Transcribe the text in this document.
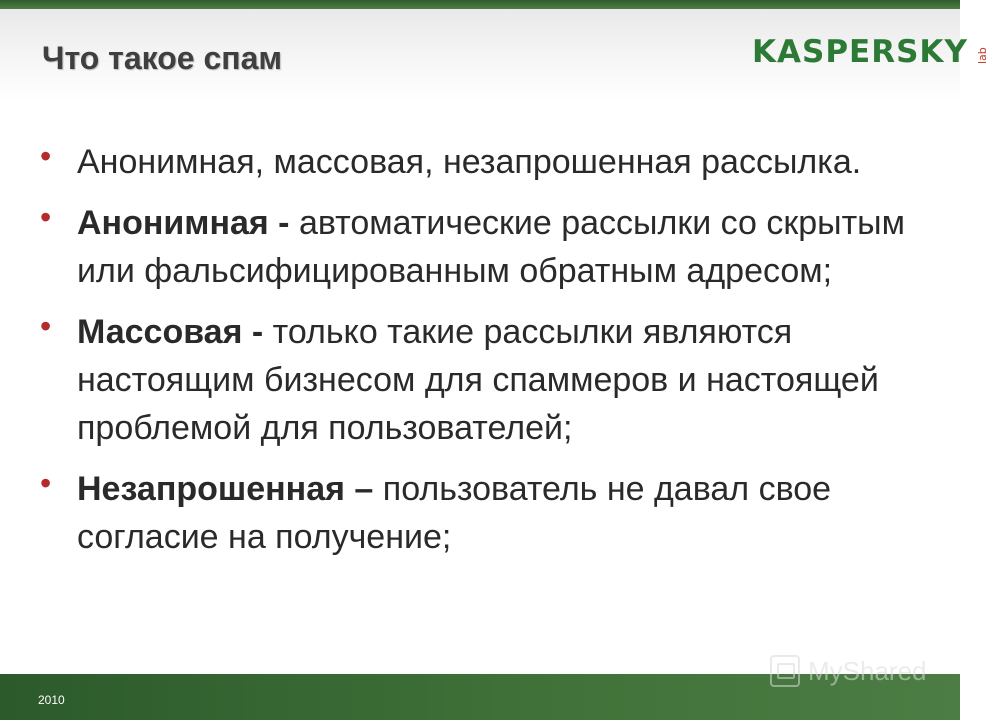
Что такое спам	KASPERSKY lab
• Анонимная, массовая, незапрошенная рассылка.
• Анонимная - автоматические рассылки со скрытым или фальсифицированным обратным адресом;
• Массовая - только такие рассылки являются настоящим бизнесом для спаммеров и настоящей проблемой для пользователей;
• Незапрошенная – пользователь не давал свое согласие на получение;
2010
MyShared
